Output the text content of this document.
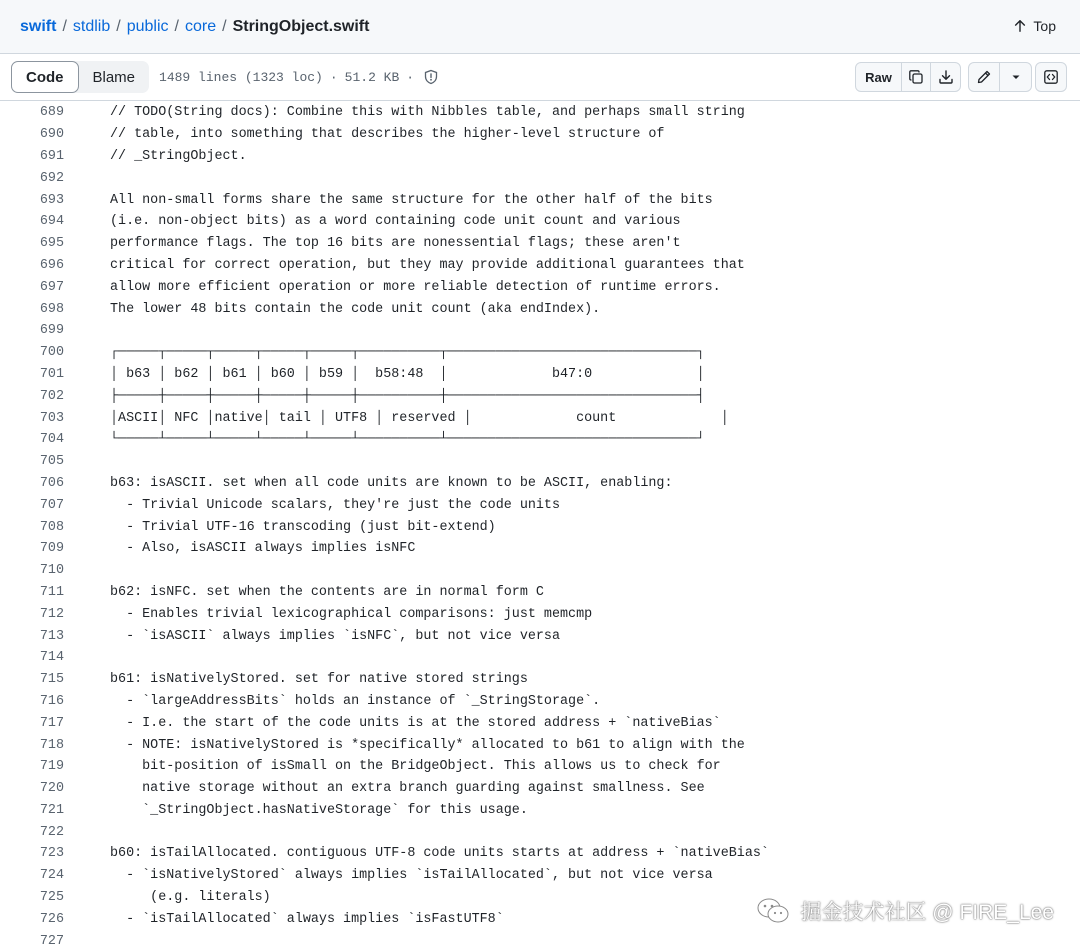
swift / stdlib / public / core / StringObject.swift	Top
Code	Blame	1489 lines (1323 loc) · 51.2 KB ·	Raw
689	// TODO(String docs): Combine this with Nibbles table, and perhaps small string
690	// table, into something that describes the higher-level structure of
691	// _StringObject.
692
693	All non-small forms share the same structure for the other half of the bits
694	(i.e. non-object bits) as a word containing code unit count and various
695	performance flags. The top 16 bits are nonessential flags; these aren't
696	critical for correct operation, but they may provide additional guarantees that
697	allow more efficient operation or more reliable detection of runtime errors.
698	The lower 48 bits contain the code unit count (aka endIndex).
699
700	┌─────┬─────┬─────┬─────┬─────┬──────────┬───────────────────────────────┐
701	│ b63 │ b62 │ b61 │ b60 │ b59 │  b58:48  │             b47:0             │
702	├─────┼─────┼─────┼─────┼─────┼──────────┼───────────────────────────────┤
703	│ASCII│ NFC │native│ tail │ UTF8 │ reserved │             count             │
704	└─────┴─────┴─────┴─────┴─────┴──────────┴───────────────────────────────┘
705
706	b63: isASCII. set when all code units are known to be ASCII, enabling:
707	- Trivial Unicode scalars, they're just the code units
708	- Trivial UTF-16 transcoding (just bit-extend)
709	- Also, isASCII always implies isNFC
710
711	b62: isNFC. set when the contents are in normal form C
712	- Enables trivial lexicographical comparisons: just memcmp
713	- `isASCII` always implies `isNFC`, but not vice versa
714
715	b61: isNativelyStored. set for native stored strings
716	- `largeAddressBits` holds an instance of `_StringStorage`.
717	- I.e. the start of the code units is at the stored address + `nativeBias`
718	- NOTE: isNativelyStored is *specifically* allocated to b61 to align with the
719	bit-position of isSmall on the BridgeObject. This allows us to check for
720	native storage without an extra branch guarding against smallness. See
721	`_StringObject.hasNativeStorage` for this usage.
722
723	b60: isTailAllocated. contiguous UTF-8 code units starts at address + `nativeBias`
724	- `isNativelyStored` always implies `isTailAllocated`, but not vice versa
725	(e.g. literals)
726	- `isTailAllocated` always implies `isFastUTF8`
727
掘金技术社区 @ FIRE_Lee
